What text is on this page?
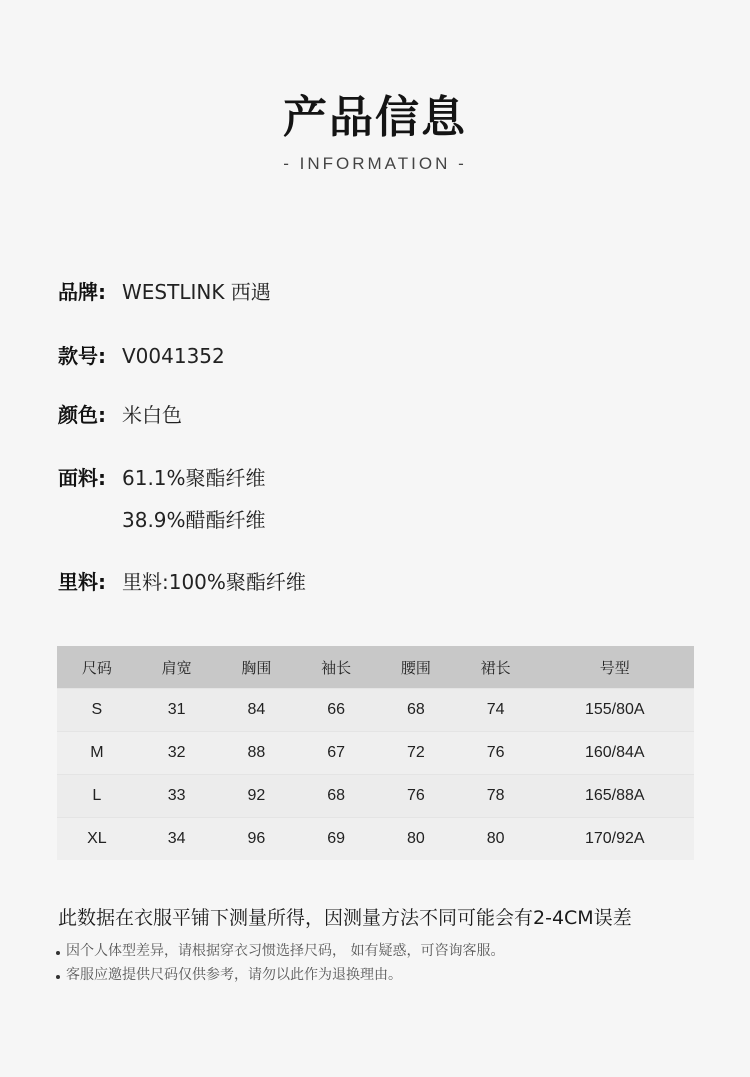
产品信息
- INFORMATION -
品牌: WESTLINK 西遇
款号: V0041352
颜色: 米白色
面料: 61.1%聚酯纤维
38.9%醋酯纤维
里料: 里料:100%聚酯纤维
尺码	肩宽	胸围	袖长	腰围	裙长	号型
S	31	84	66	68	74	155/80A
M	32	88	67	72	76	160/84A
L	33	92	68	76	78	165/88A
XL	34	96	69	80	80	170/92A
此数据在衣服平铺下测量所得，因测量方法不同可能会有2-4CM误差
因个人体型差异，请根据穿衣习惯选择尺码， 如有疑惑，可咨询客服。
客服应邀提供尺码仅供参考，请勿以此作为退换理由。
